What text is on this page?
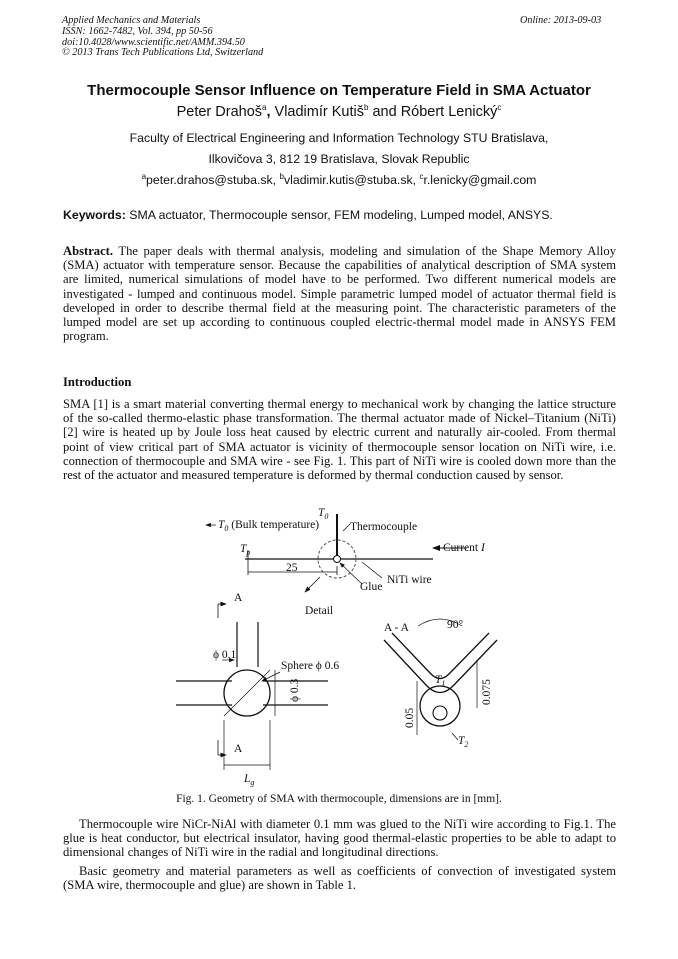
Applied Mechanics and Materials
ISSN: 1662-7482, Vol. 394, pp 50-56
doi:10.4028/www.scientific.net/AMM.394.50
© 2013 Trans Tech Publications Ltd, Switzerland
Online: 2013-09-03
Thermocouple Sensor Influence on Temperature Field in SMA Actuator
Peter Drahoš$^a$, Vladimír Kutiš$^b$ and Róbert Lenický$^c$
Faculty of Electrical Engineering and Information Technology STU Bratislava,
Ilkovičova 3, 812 19 Bratislava, Slovak Republic
$^a$peter.drahos@stuba.sk, $^b$vladimir.kutis@stuba.sk, $^c$r.lenicky@gmail.com
Keywords: SMA actuator, Thermocouple sensor, FEM modeling, Lumped model, ANSYS.
Abstract. The paper deals with thermal analysis, modeling and simulation of the Shape Memory Alloy (SMA) actuator with temperature sensor. Because the capabilities of analytical description of SMA system are limited, numerical simulations of model have to be performed. Two different numerical models are investigated - lumped and continuous model. Simple parametric lumped model of actuator thermal field is developed in order to describe thermal field at the measuring point. The characteristic parameters of the lumped model are set up according to continuous coupled electric-thermal model made in ANSYS FEM program.
Introduction
SMA [1] is a smart material converting thermal energy to mechanical work by changing the lattice structure of the so-called thermo-elastic phase transformation. The thermal actuator made of Nickel–Titanium (NiTi) [2] wire is heated up by Joule loss heat caused by electric current and naturally air-cooled. From thermal point of view critical part of SMA actuator is vicinity of thermocouple sensor location on NiTi wire, i.e. connection of thermocouple and SMA wire - see Fig. 1. This part of NiTi wire is cooled down more than the rest of the actuator and measured temperature is deformed by thermal conduction caused by sensor.
$T_0$ (Bulk temperature)
$T_0$
Thermocouple
$T_p$	Current I
25
Glue
NiTi wire
A
Detail
ϕ 0.1
Sphere ϕ 0.6
ϕ 0.3
A
$L_g$
A - A	90°
$T_1$
$T_2$
0.05
0.075
Fig. 1. Geometry of SMA with thermocouple, dimensions are in [mm].
Thermocouple wire NiCr-NiAl with diameter 0.1 mm was glued to the NiTi wire according to Fig.1. The glue is heat conductor, but electrical insulator, having good thermal-elastic properties to be able to adapt to dimensional changes of NiTi wire in the radial and longitudinal directions.
Basic geometry and material parameters as well as coefficients of convection of investigated system (SMA wire, thermocouple and glue) are shown in Table 1.
